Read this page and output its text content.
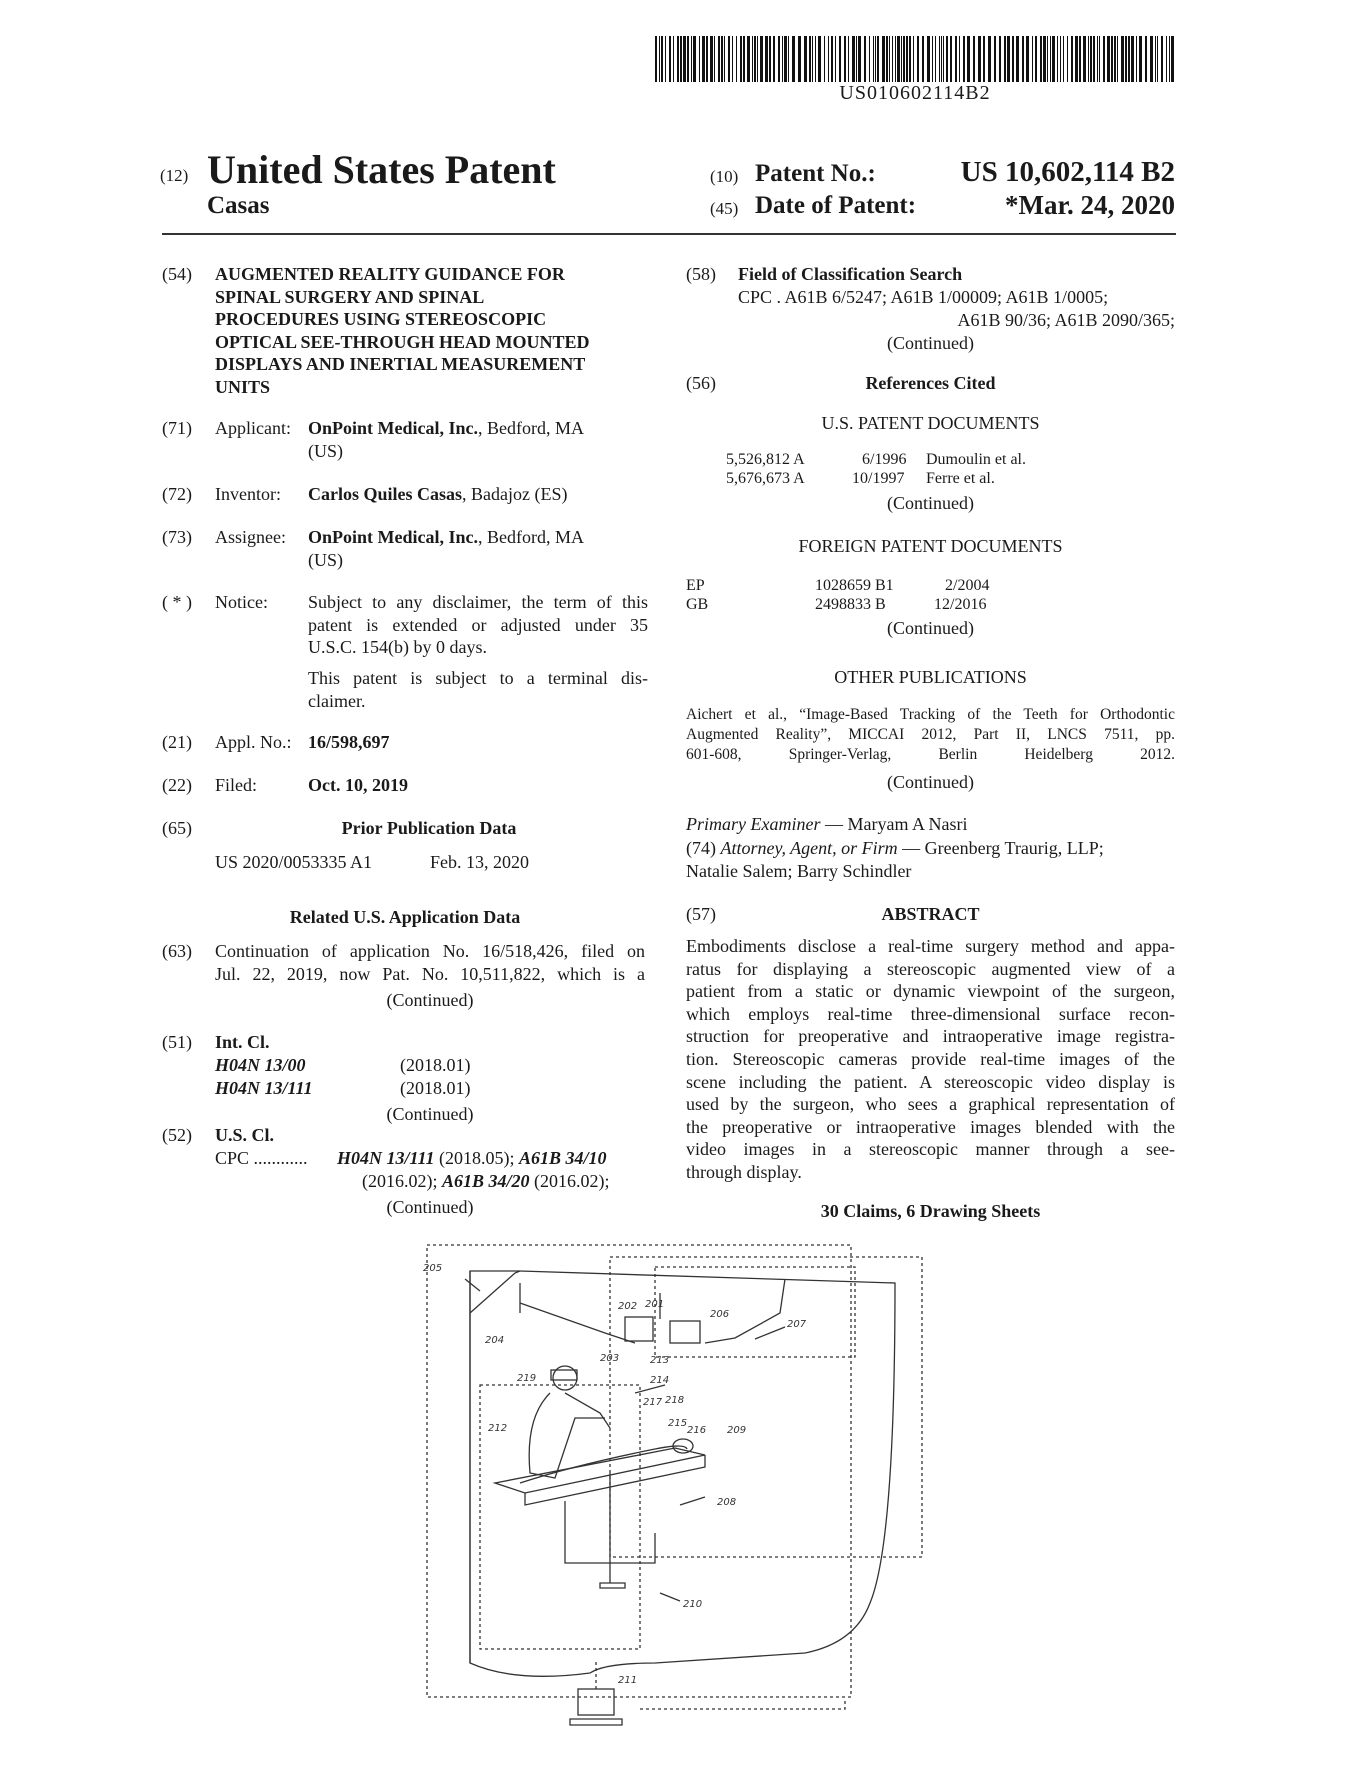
US010602114B2
(12) United States Patent
Casas
(10) Patent No.:	US 10,602,114 B2
(45) Date of Patent:	*Mar. 24, 2020
(54) AUGMENTED REALITY GUIDANCE FOR
SPINAL SURGERY AND SPINAL
PROCEDURES USING STEREOSCOPIC
OPTICAL SEE-THROUGH HEAD MOUNTED
DISPLAYS AND INERTIAL MEASUREMENT
UNITS
(71) Applicant: OnPoint Medical, Inc., Bedford, MA
(US)
(72) Inventor: Carlos Quiles Casas, Badajoz (ES)
(73) Assignee: OnPoint Medical, Inc., Bedford, MA
(US)
( * ) Notice: Subject to any disclaimer, the term of this
patent is extended or adjusted under 35
U.S.C. 154(b) by 0 days.
This patent is subject to a terminal dis-
claimer.
(21) Appl. No.: 16/598,697
(22) Filed:	Oct. 10, 2019
(65)	Prior Publication Data
US 2020/0053335 A1	Feb. 13, 2020
Related U.S. Application Data
(63) Continuation of application No. 16/518,426, filed on
Jul. 22, 2019, now Pat. No. 10,511,822, which is a
(Continued)
(51) Int. Cl.
H04N 13/00	(2018.01)
H04N 13/111	(2018.01)
(Continued)
(52) U.S. Cl.
CPC ............ H04N 13/111 (2018.05); A61B 34/10
(2016.02); A61B 34/20 (2016.02);
(Continued)
(58) Field of Classification Search
CPC . A61B 6/5247; A61B 1/00009; A61B 1/0005;
A61B 90/36; A61B 2090/365;
(Continued)
(56)	References Cited
U.S. PATENT DOCUMENTS
5,526,812 A	6/1996 Dumoulin et al.
5,676,673 A	10/1997 Ferre et al.
(Continued)
FOREIGN PATENT DOCUMENTS
EP	1028659 B1	2/2004
GB	2498833 B	12/2016
(Continued)
OTHER PUBLICATIONS
Aichert et al., “Image-Based Tracking of the Teeth for Orthodontic
Augmented Reality”, MICCAI 2012, Part II, LNCS 7511, pp.
601-608, Springer-Verlag, Berlin Heidelberg 2012.
(Continued)
Primary Examiner — Maryam A Nasri
(74) Attorney, Agent, or Firm — Greenberg Traurig, LLP;
Natalie Salem; Barry Schindler
(57)	ABSTRACT
Embodiments disclose a real-time surgery method and appa-
ratus for displaying a stereoscopic augmented view of a
patient from a static or dynamic viewpoint of the surgeon,
which employs real-time three-dimensional surface recon-
struction for preoperative and intraoperative image registra-
tion. Stereoscopic cameras provide real-time images of the
scene including the patient. A stereoscopic video display is
used by the surgeon, who sees a graphical representation of
the preoperative or intraoperative images blended with the
video images in a stereoscopic manner through a see-
through display.
30 Claims, 6 Drawing Sheets
205
202 201
206
204
207
203	213
219	214
217 218
212	215
216 209
208
210
211
